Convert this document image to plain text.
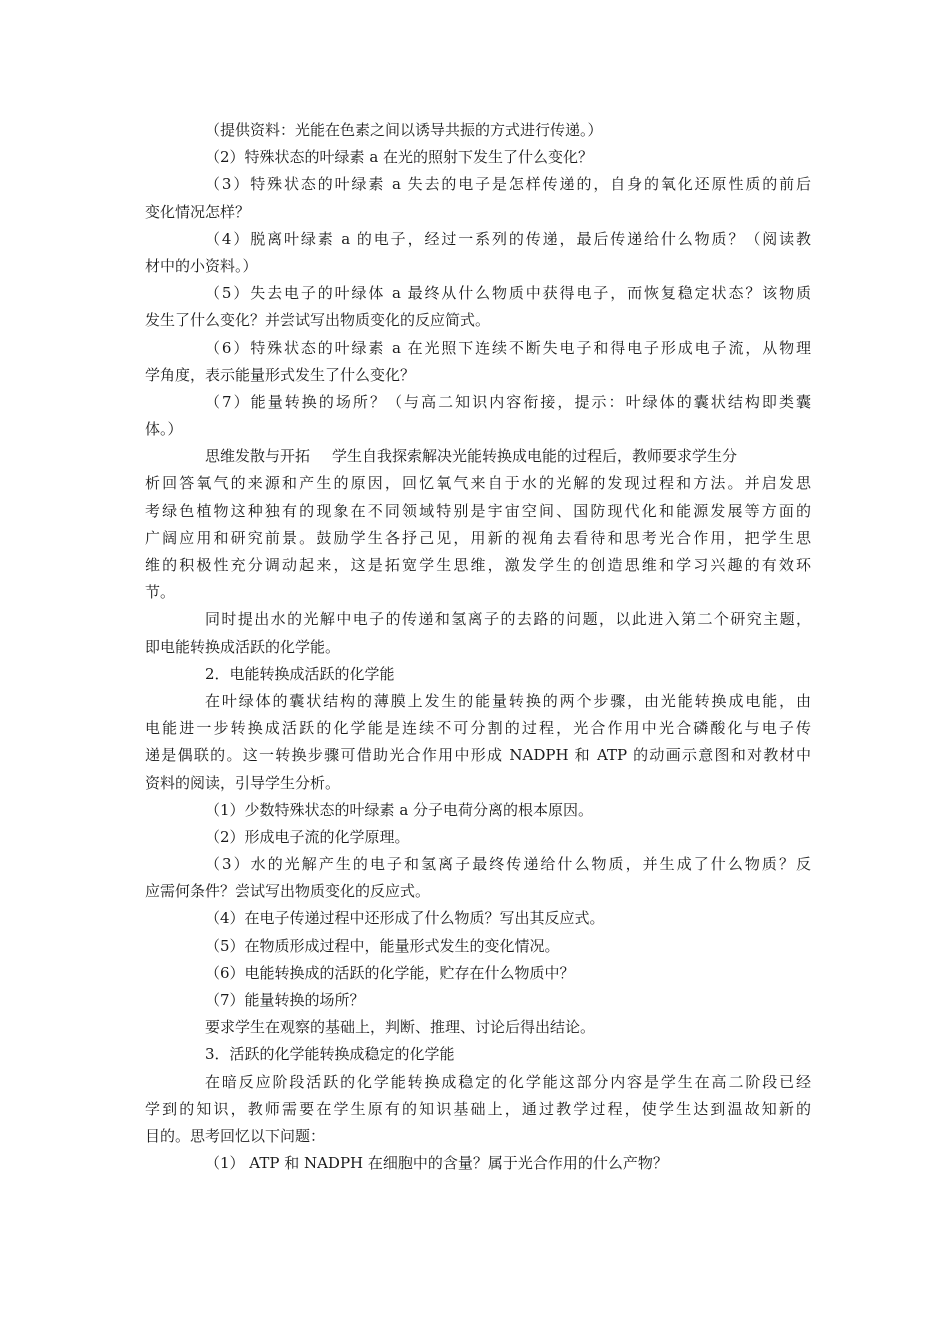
（提供资料：光能在色素之间以诱导共振的方式进行传递。）
（2）特殊状态的叶绿素 a 在光的照射下发生了什么变化？
（3）特殊状态的叶绿素 a 失去的电子是怎样传递的，自身的氧化还原性质的前后
变化情况怎样？
（4）脱离叶绿素 a 的电子，经过一系列的传递，最后传递给什么物质？（阅读教
材中的小资料。）
（5）失去电子的叶绿体 a 最终从什么物质中获得电子，而恢复稳定状态？该物质
发生了什么变化？并尝试写出物质变化的反应简式。
（6）特殊状态的叶绿素 a 在光照下连续不断失电子和得电子形成电子流，从物理
学角度，表示能量形式发生了什么变化？
（7）能量转换的场所？（与高二知识内容衔接，提示：叶绿体的囊状结构即类囊
体。）
思维发散与开拓 学生自我探索解决光能转换成电能的过程后，教师要求学生分
析回答氧气的来源和产生的原因，回忆氧气来自于水的光解的发现过程和方法。并启发思
考绿色植物这种独有的现象在不同领域特别是宇宙空间、国防现代化和能源发展等方面的
广阔应用和研究前景。鼓励学生各抒己见，用新的视角去看待和思考光合作用，把学生思
维的积极性充分调动起来，这是拓宽学生思维，激发学生的创造思维和学习兴趣的有效环
节。
同时提出水的光解中电子的传递和氢离子的去路的问题，以此进入第二个研究主题，
即电能转换成活跃的化学能。
2．电能转换成活跃的化学能
在叶绿体的囊状结构的薄膜上发生的能量转换的两个步骤，由光能转换成电能，由
电能进一步转换成活跃的化学能是连续不可分割的过程，光合作用中光合磷酸化与电子传
递是偶联的。这一转换步骤可借助光合作用中形成 NADPH 和 ATP 的动画示意图和对教材中
资料的阅读，引导学生分析。
（1）少数特殊状态的叶绿素 a 分子电荷分离的根本原因。
（2）形成电子流的化学原理。
（3）水的光解产生的电子和氢离子最终传递给什么物质，并生成了什么物质？反
应需何条件？尝试写出物质变化的反应式。
（4）在电子传递过程中还形成了什么物质？写出其反应式。
（5）在物质形成过程中，能量形式发生的变化情况。
（6）电能转换成的活跃的化学能，贮存在什么物质中？
（7）能量转换的场所？
要求学生在观察的基础上，判断、推理、讨论后得出结论。
3．活跃的化学能转换成稳定的化学能
在暗反应阶段活跃的化学能转换成稳定的化学能这部分内容是学生在高二阶段已经
学到的知识，教师需要在学生原有的知识基础上，通过教学过程，使学生达到温故知新的
目的。思考回忆以下问题：
（1） ATP 和 NADPH 在细胞中的含量？属于光合作用的什么产物？
